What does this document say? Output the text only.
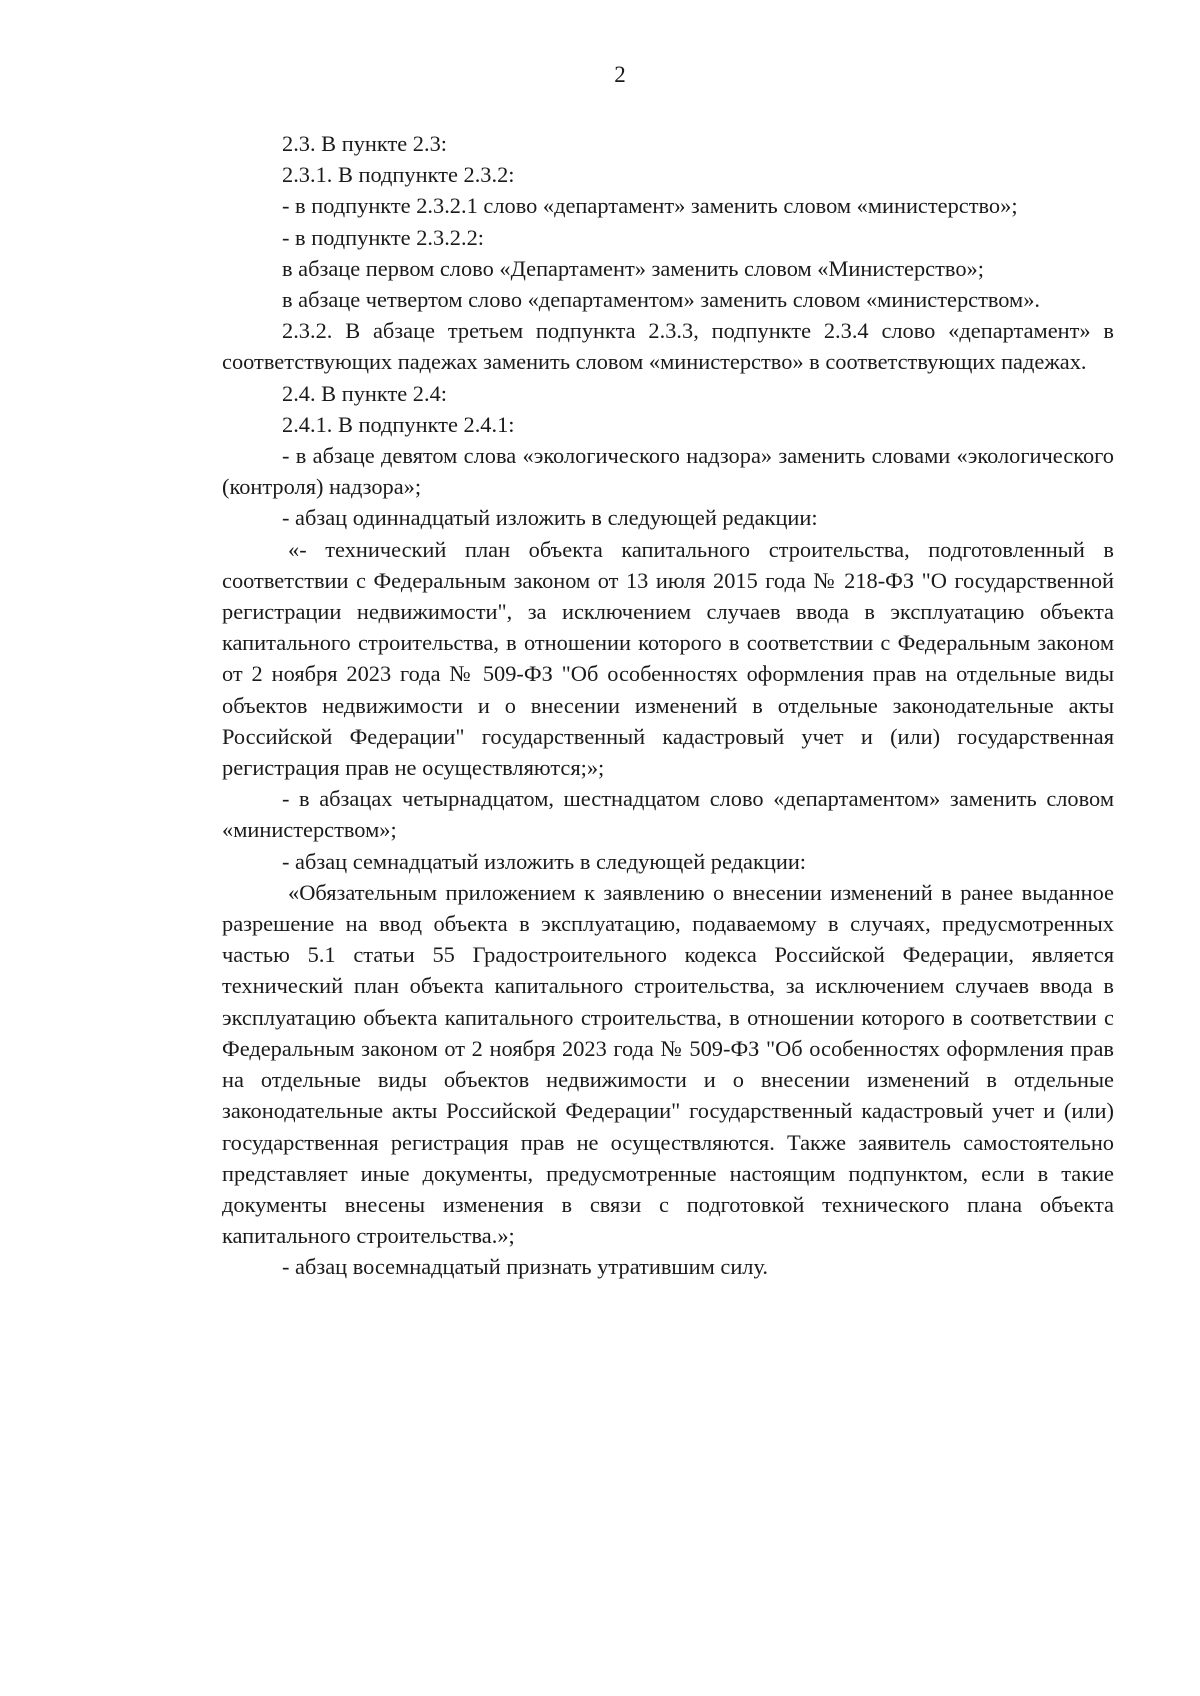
2

2.3. В пункте 2.3:

2.3.1. В подпункте 2.3.2:

- в подпункте 2.3.2.1 слово «департамент» заменить словом «министерство»;

- в подпункте 2.3.2.2:

в абзаце первом слово «Департамент» заменить словом «Министерство»;

в абзаце четвертом слово «департаментом» заменить словом «министерством».

2.3.2. В абзаце третьем подпункта 2.3.3, подпункте 2.3.4 слово «департамент» в соответствующих падежах заменить словом «министерство» в соответствующих падежах.

2.4. В пункте 2.4:

2.4.1. В подпункте 2.4.1:

- в абзаце девятом слова «экологического надзора» заменить словами «экологического (контроля) надзора»;

- абзац одиннадцатый изложить в следующей редакции:

«- технический план объекта капитального строительства, подготовленный в соответствии с Федеральным законом от 13 июля 2015 года № 218-ФЗ "О государственной регистрации недвижимости", за исключением случаев ввода в эксплуатацию объекта капитального строительства, в отношении которого в соответствии с Федеральным законом от 2 ноября 2023 года № 509-ФЗ "Об особенностях оформления прав на отдельные виды объектов недвижимости и о внесении изменений в отдельные законодательные акты Российской Федерации" государственный кадастровый учет и (или) государственная регистрация прав не осуществляются;»;

- в абзацах четырнадцатом, шестнадцатом слово «департаментом» заменить словом «министерством»;

- абзац семнадцатый изложить в следующей редакции:

«Обязательным приложением к заявлению о внесении изменений в ранее выданное разрешение на ввод объекта в эксплуатацию, подаваемому в случаях, предусмотренных частью 5.1 статьи 55 Градостроительного кодекса Российской Федерации, является технический план объекта капитального строительства, за исключением случаев ввода в эксплуатацию объекта капитального строительства, в отношении которого в соответствии с Федеральным законом от 2 ноября 2023 года № 509-ФЗ "Об особенностях оформления прав на отдельные виды объектов недвижимости и о внесении изменений в отдельные законодательные акты Российской Федерации" государственный кадастровый учет и (или) государственная регистрация прав не осуществляются. Также заявитель самостоятельно представляет иные документы, предусмотренные настоящим подпунктом, если в такие документы внесены изменения в связи с подготовкой технического плана объекта капитального строительства.»;

- абзац восемнадцатый признать утратившим силу.
